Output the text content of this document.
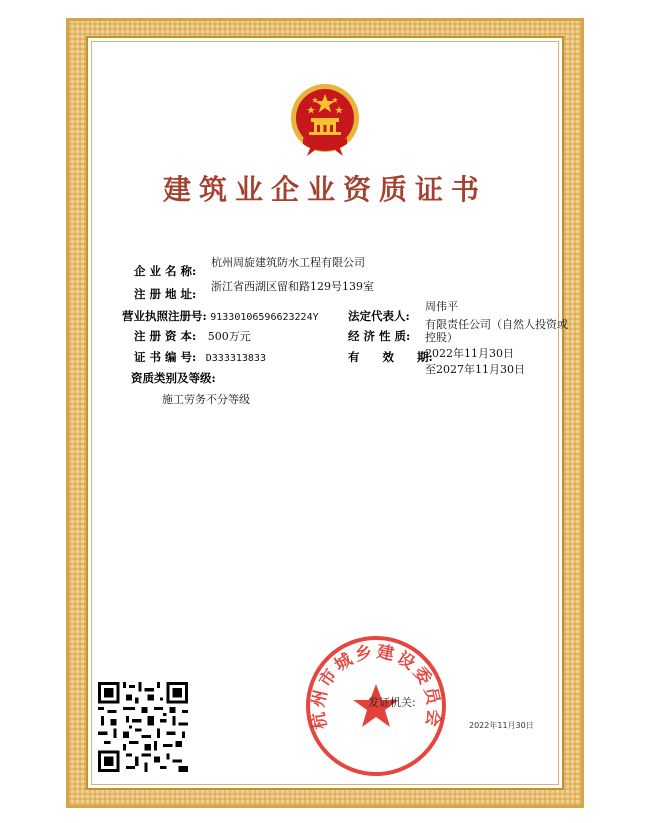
建筑业企业资质证书
企 业 名 称:
杭州周旋建筑防水工程有限公司
注 册 地 址:
浙江省西湖区留和路129号139室
营业执照注册号: 91330106596623224Y
注 册 资 本: 500万元
证 书 编 号: D333313833
资质类别及等级:
施工劳务不分等级
法定代表人:
周伟平
经 济 性 质:
有限责任公司（自然人投资或控股）
有　　效　　期:
2022年11月30日
至2027年11月30日
杭州市城乡建设委员会
发证机关:
2022年11月30日
